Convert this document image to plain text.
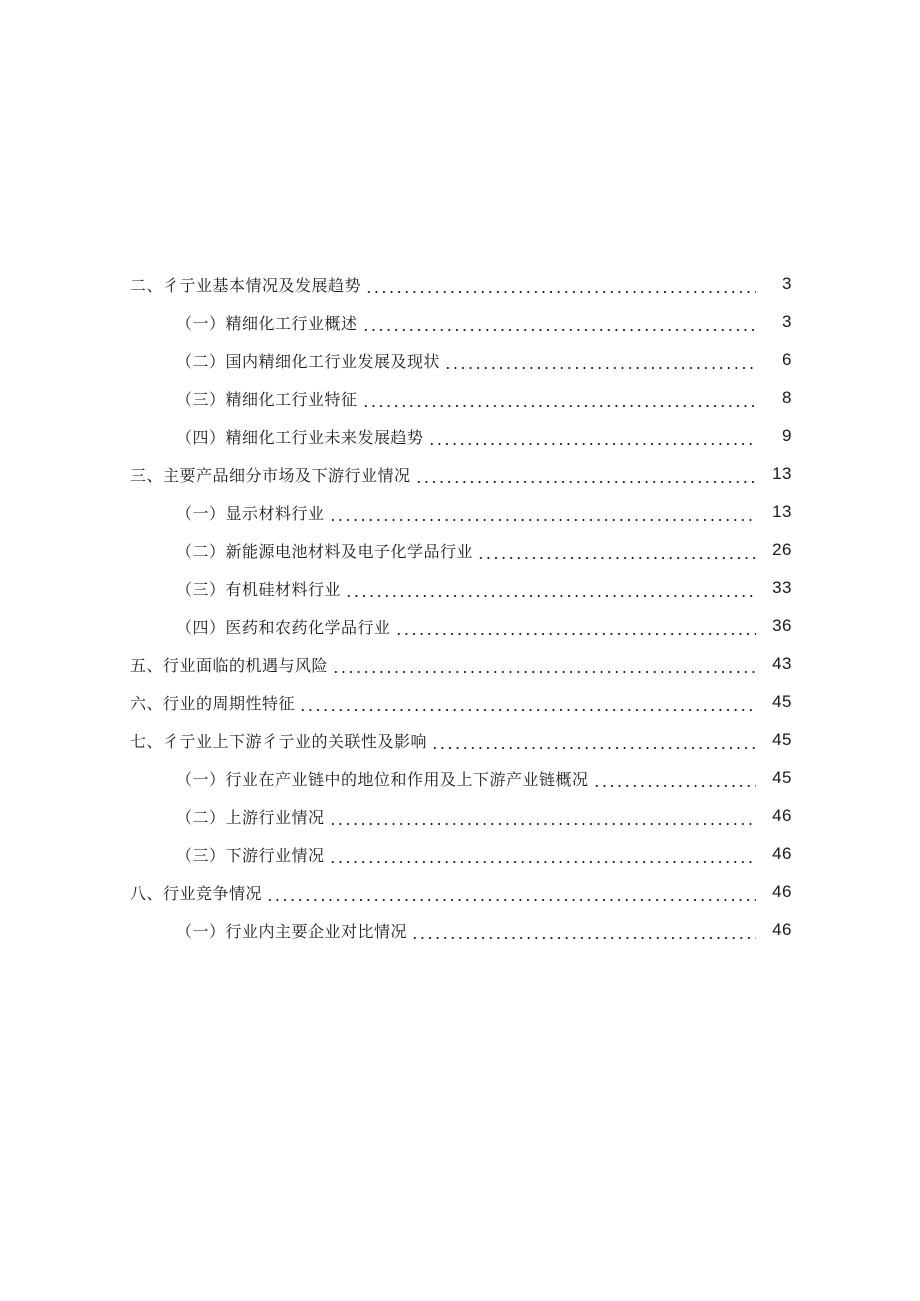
二、彳亍业基本情况及发展趋势	3
（一）精细化工行业概述	3
（二）国内精细化工行业发展及现状	6
（三）精细化工行业特征	8
（四）精细化工行业未来发展趋势	9
三、主要产品细分市场及下游行业情况	13
（一）显示材料行业	13
（二）新能源电池材料及电子化学品行业	26
（三）有机硅材料行业	33
（四）医药和农药化学品行业	36
五、行业面临的机遇与风险	43
六、行业的周期性特征	45
七、彳亍业上下游彳亍业的关联性及影响	45
（一）行业在产业链中的地位和作用及上下游产业链概况	45
（二）上游行业情况	46
（三）下游行业情况	46
八、行业竞争情况	46
（一）行业内主要企业对比情况	46
